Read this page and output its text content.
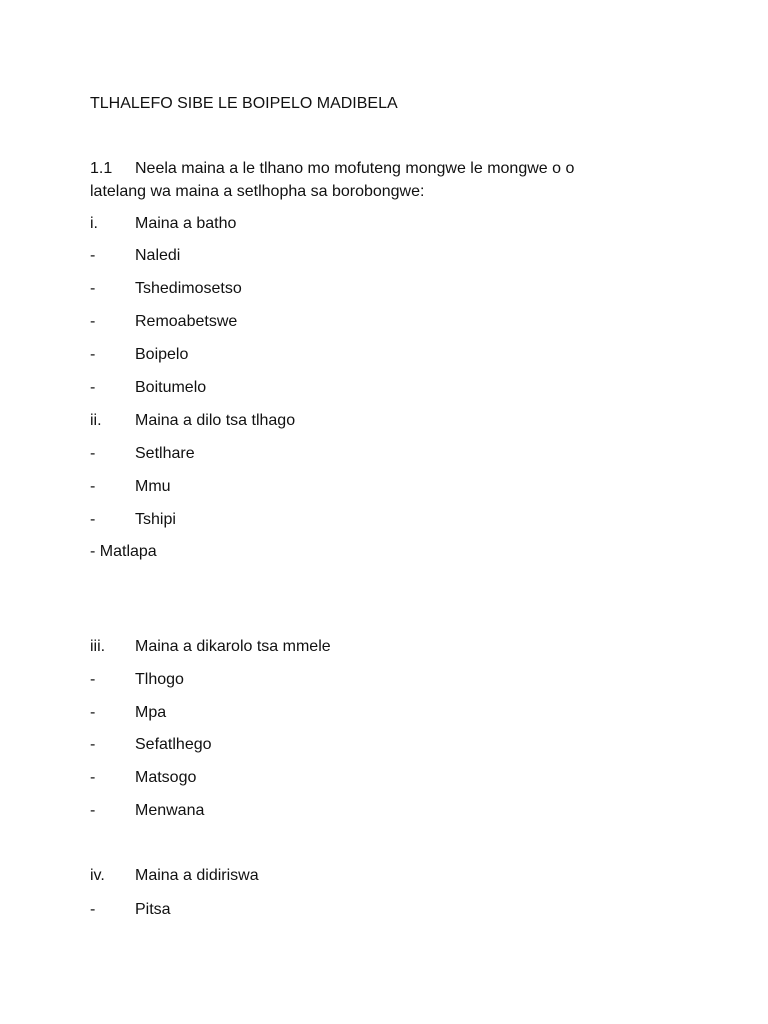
TLHALEFO SIBE LE BOIPELO MADIBELA
1.1 Neela maina a le tlhano mo mofuteng mongwe le mongwe o o
latelang wa maina a setlhopha sa borobongwe:
i. Maina a batho
- Naledi
- Tshedimosetso
- Remoabetswe
- Boipelo
- Boitumelo
ii. Maina a dilo tsa tlhago
- Setlhare
- Mmu
- Tshipi
- Matlapa
iii. Maina a dikarolo tsa mmele
- Tlhogo
- Mpa
- Sefatlhego
- Matsogo
- Menwana
iv. Maina a didiriswa
- Pitsa
